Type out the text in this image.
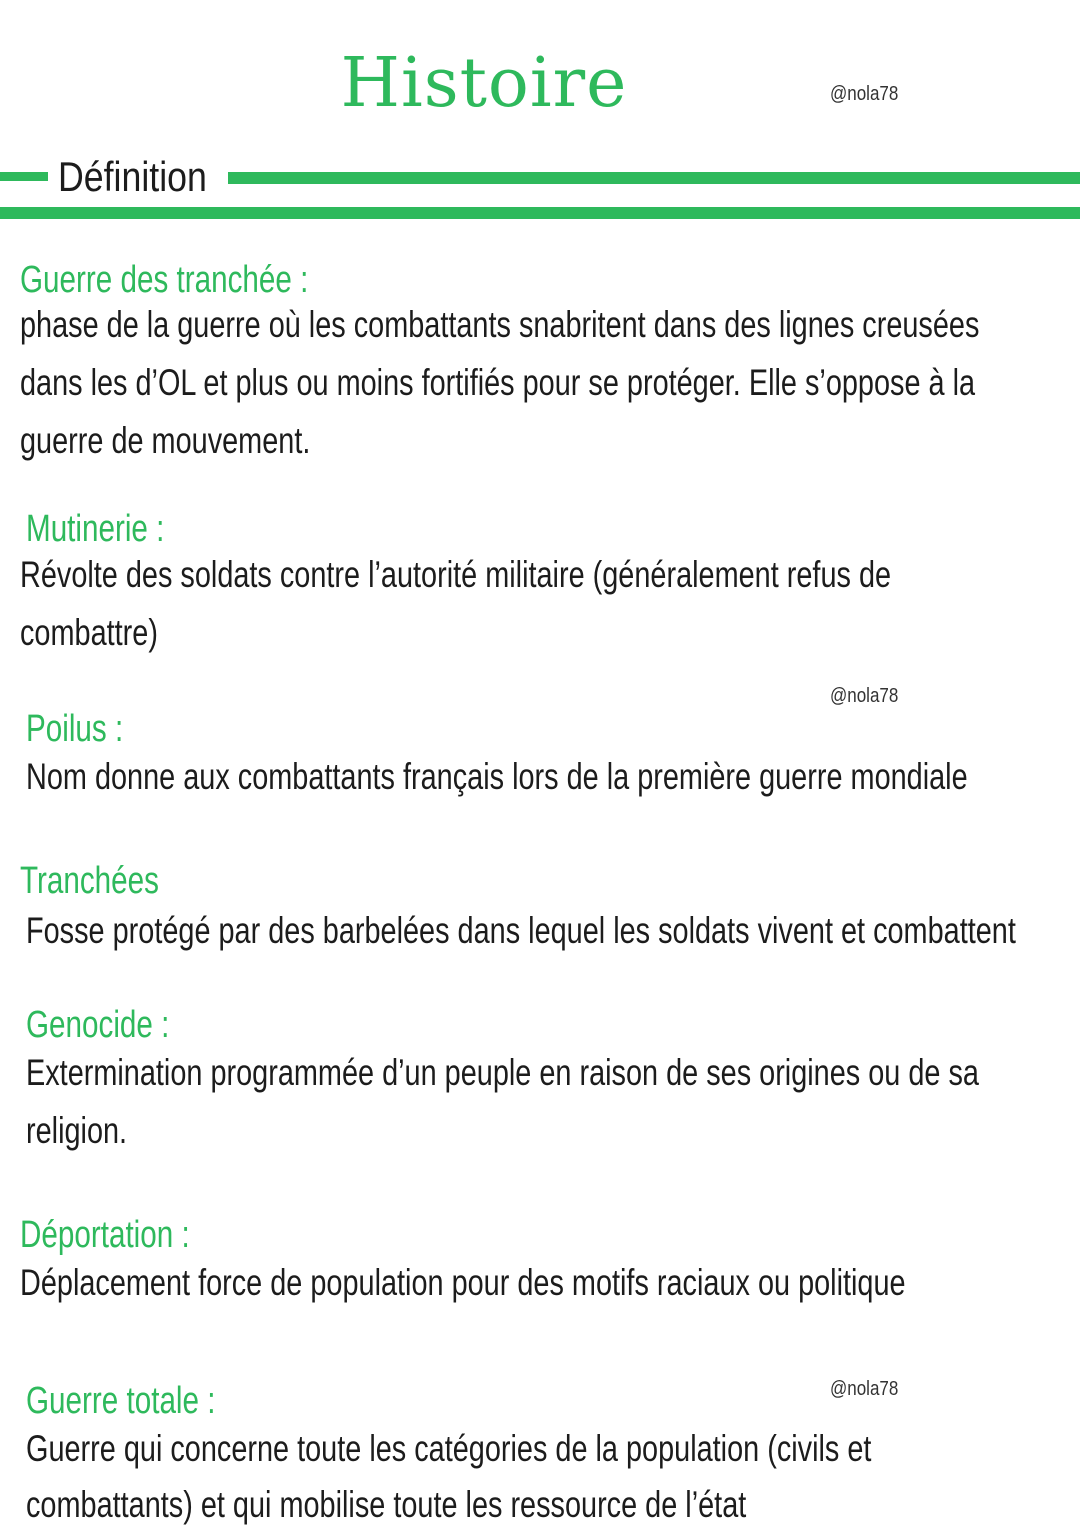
Histoire	@nola78
Définition
Guerre des tranchée :
phase de la guerre où les combattants snabritent dans des lignes creusées
dans les d’OL et plus ou moins fortifiés pour se protéger. Elle s’oppose à la
guerre de mouvement.
Mutinerie :
Révolte des soldats contre l’autorité militaire (généralement refus de
combattre)
@nola78
Poilus :
Nom donne aux combattants français lors de la première guerre mondiale
Tranchées
Fosse protégé par des barbelées dans lequel les soldats vivent et combattent
Genocide :
Extermination programmée d’un peuple en raison de ses origines ou de sa
religion.
Déportation :
Déplacement force de population pour des motifs raciaux ou politique
@nola78
Guerre totale :
Guerre qui concerne toute les catégories de la population (civils et
combattants) et qui mobilise toute les ressource de l’état
